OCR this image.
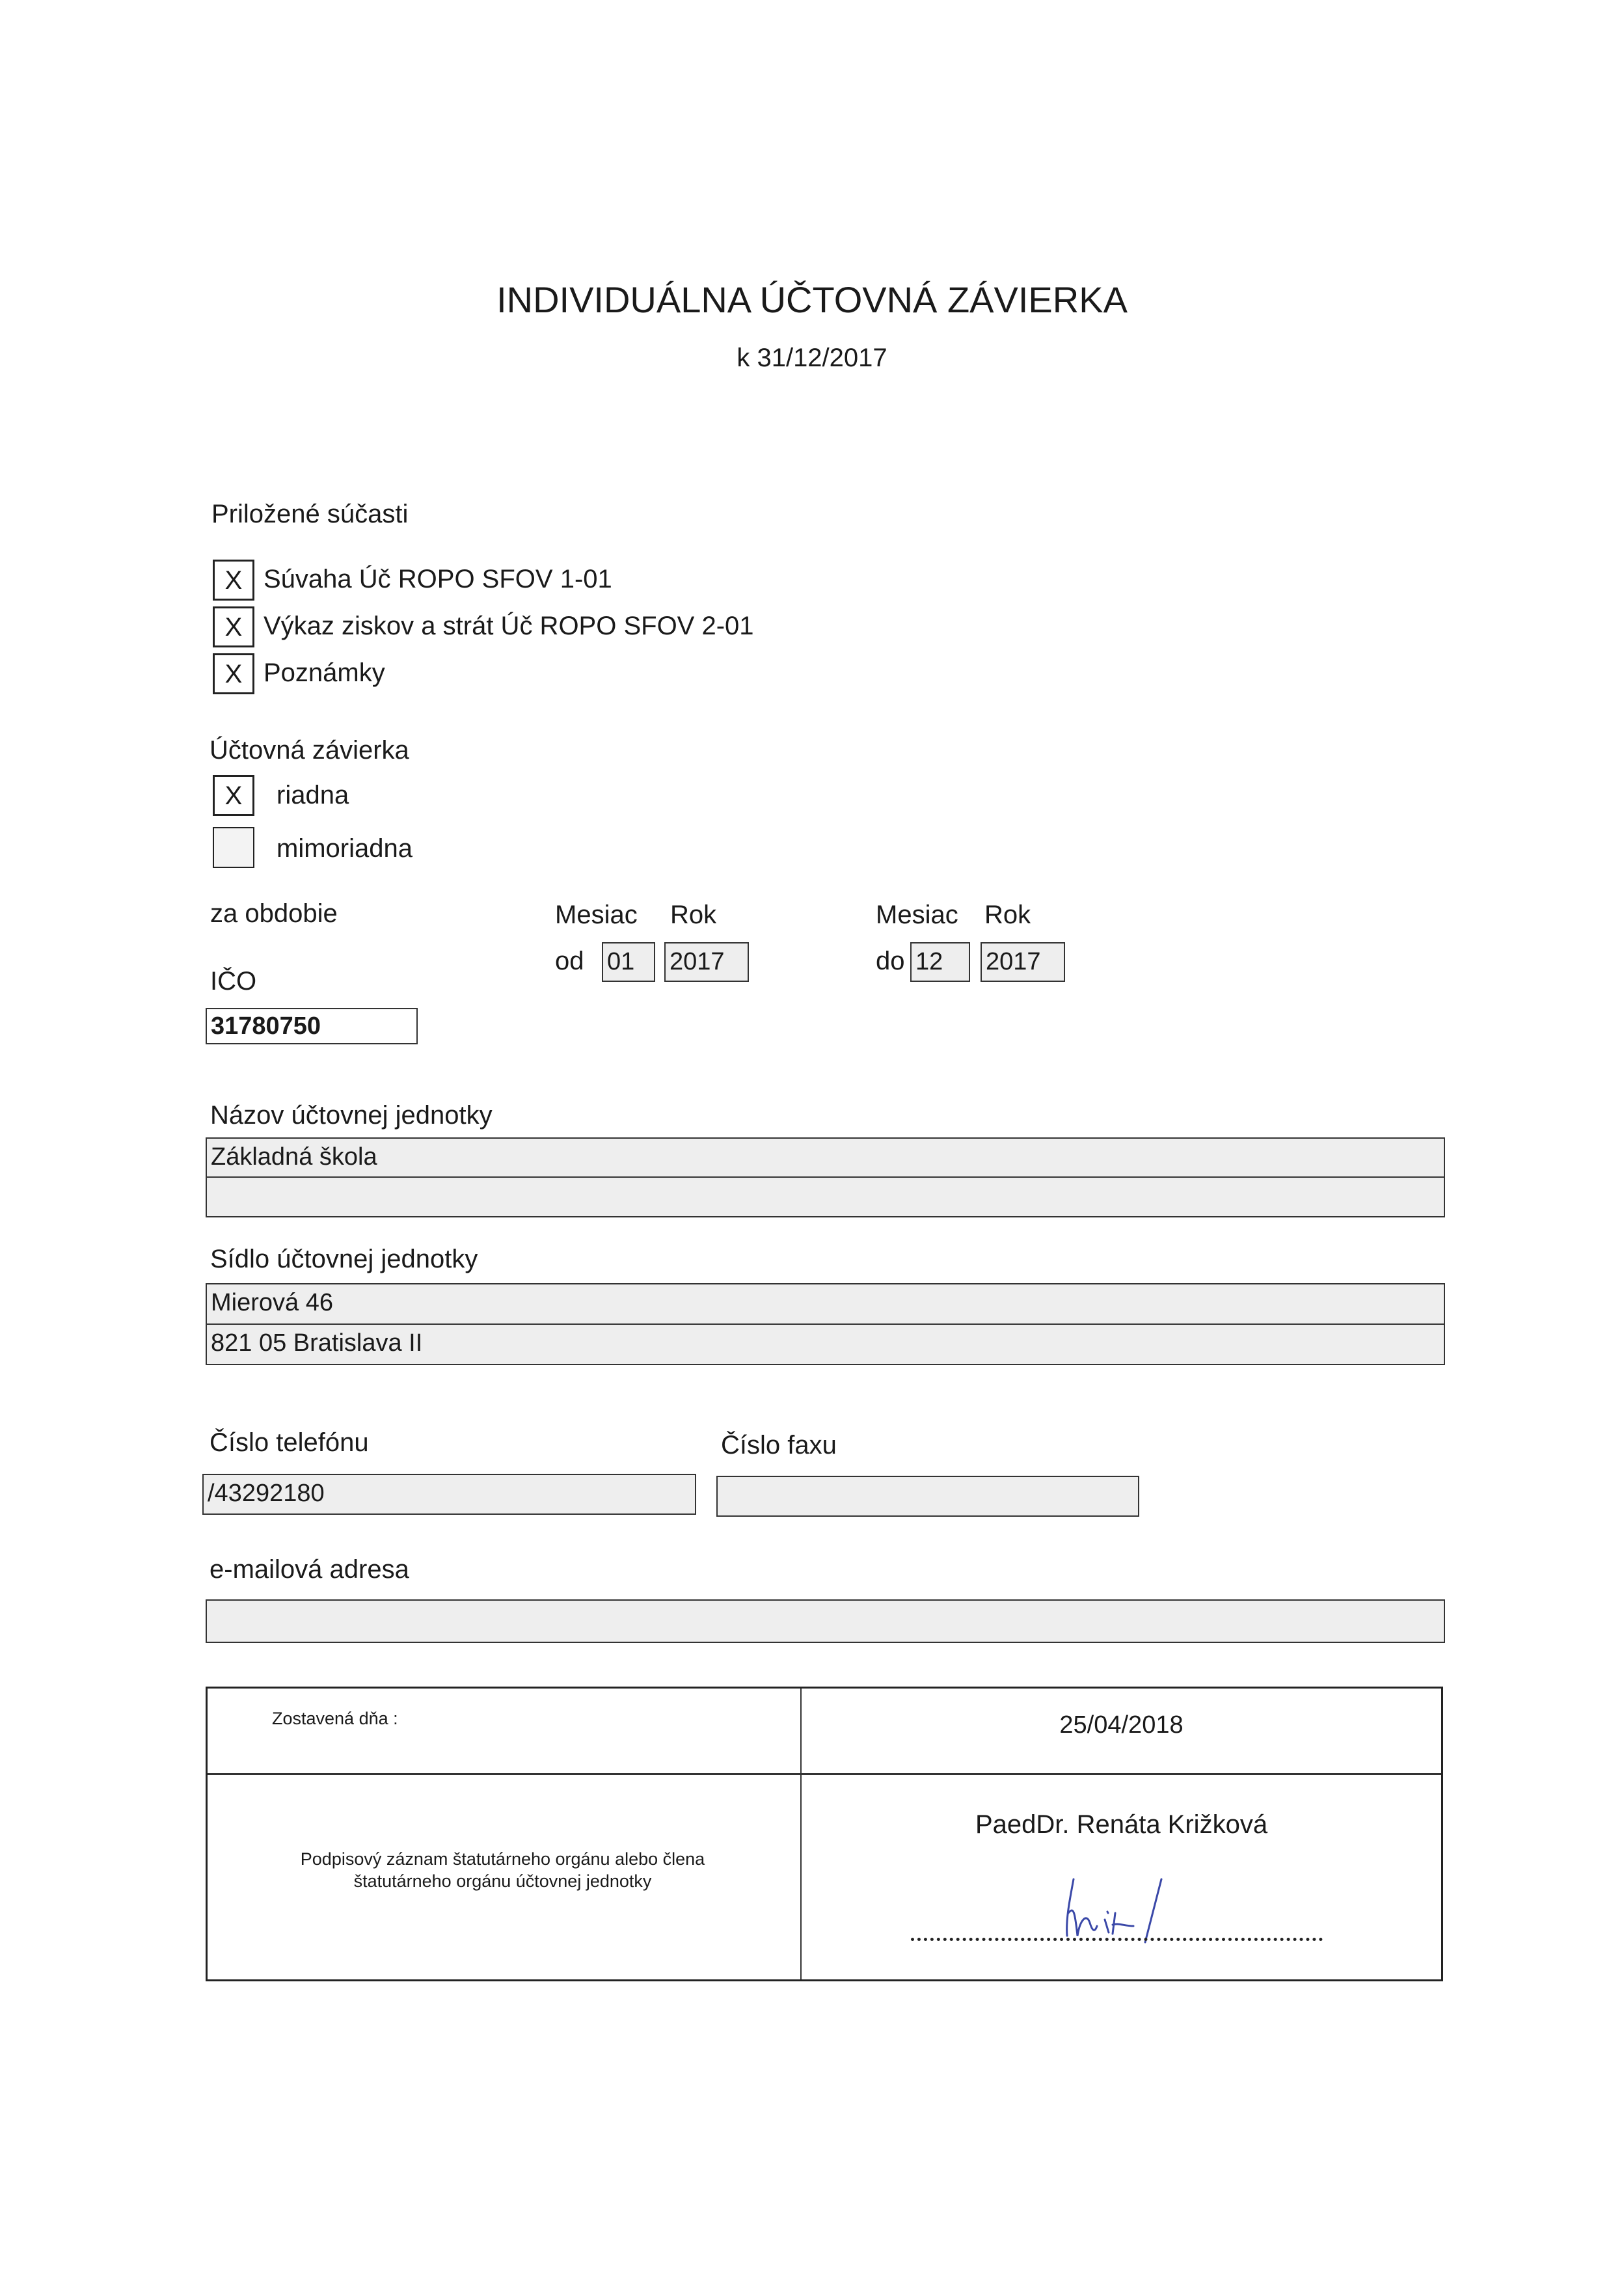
INDIVIDUÁLNA ÚČTOVNÁ ZÁVIERKA
k 31/12/2017
Priložené súčasti
X Súvaha Úč ROPO SFOV 1-01
X Výkaz ziskov a strát Úč ROPO SFOV 2-01
X Poznámky
Účtovná závierka
X	riadna
mimoriadna
za obdobie	Mesiac Rok	Mesiac Rok
od 01	2017	do 12	2017
IČO
31780750
Názov účtovnej jednotky
Základná škola
Sídlo účtovnej jednotky
Mierová 46
821 05 Bratislava II
Číslo telefónu
/43292180
Číslo faxu
e-mailová adresa
Zostavená dňa :	25/04/2018
Podpisový záznam štatutárneho orgánu alebo člena
štatutárneho orgánu účtovnej jednotky
PaedDr. Renáta Križková
